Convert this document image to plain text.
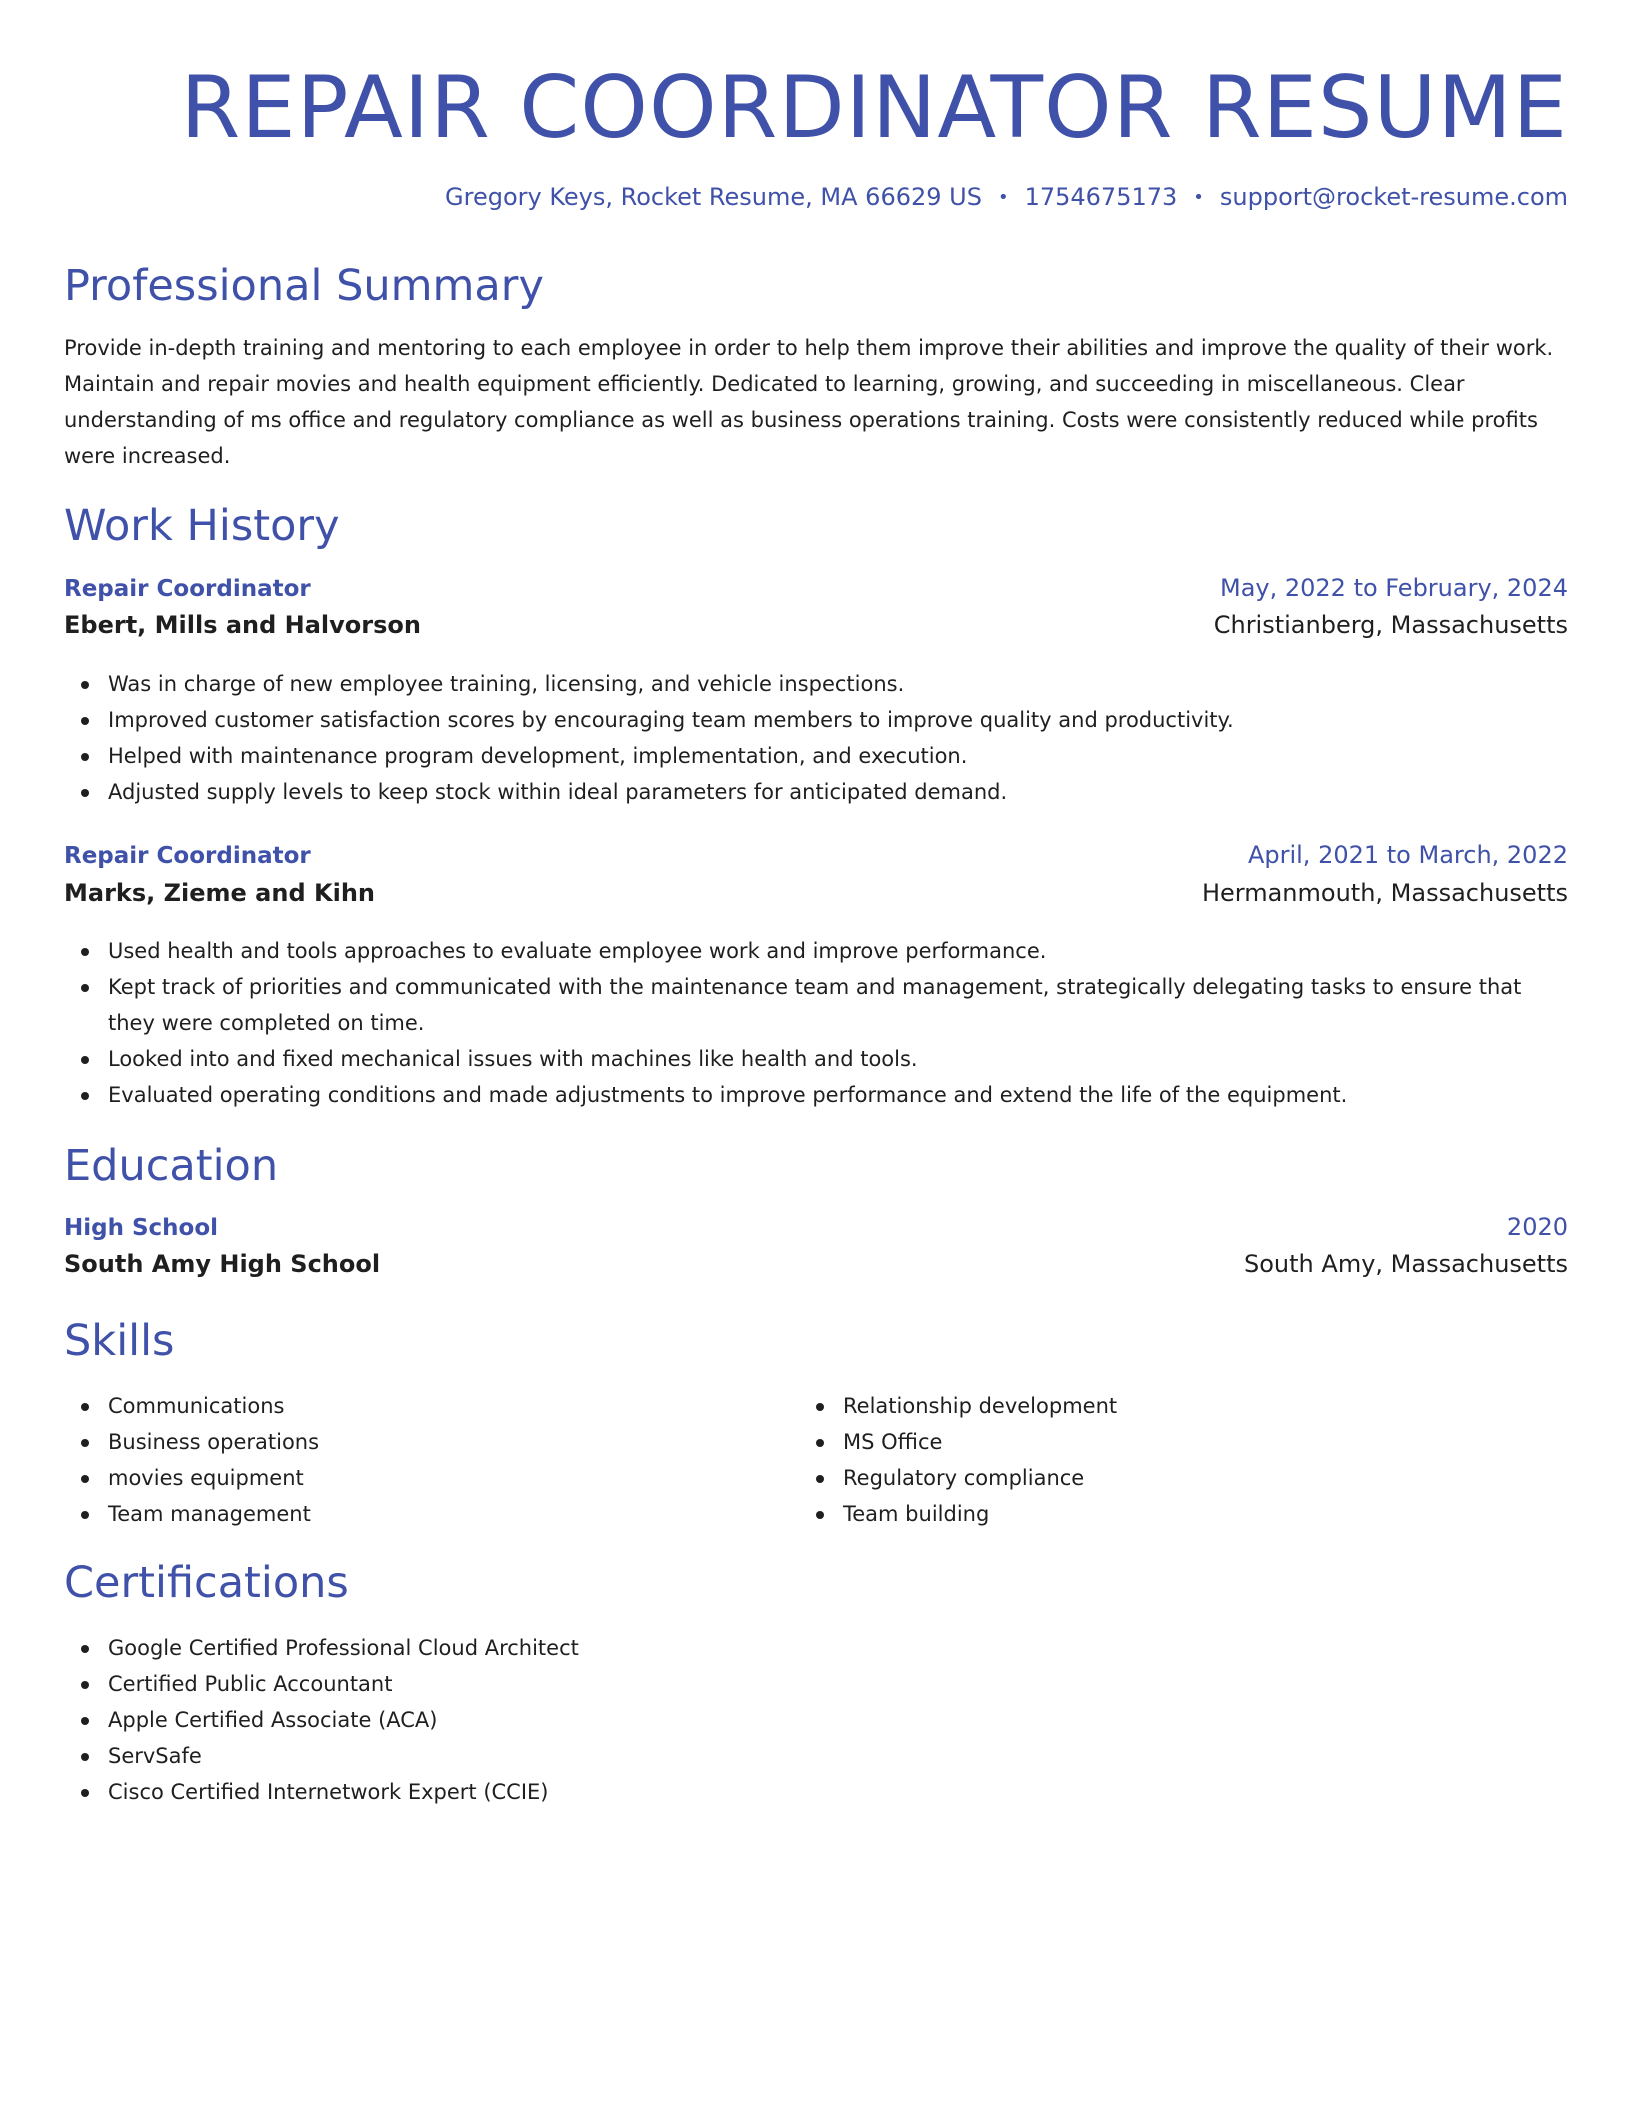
REPAIR COORDINATOR RESUME
Gregory Keys, Rocket Resume, MA 66629 US • 1754675173 • support@rocket-resume.com
Professional Summary

Provide in-depth training and mentoring to each employee in order to help them improve their abilities and improve the quality of their work. Maintain and repair movies and health equipment efficiently. Dedicated to learning, growing, and succeeding in miscellaneous. Clear understanding of ms office and regulatory compliance as well as business operations training. Costs were consistently reduced while profits were increased.

Work History
Repair Coordinator	May, 2022 to February, 2024
Ebert, Mills and Halvorson	Christianberg, Massachusetts
Was in charge of new employee training, licensing, and vehicle inspections.
Improved customer satisfaction scores by encouraging team members to improve quality and productivity.
Helped with maintenance program development, implementation, and execution.
Adjusted supply levels to keep stock within ideal parameters for anticipated demand.
Repair Coordinator	April, 2021 to March, 2022
Marks, Zieme and Kihn	Hermanmouth, Massachusetts
Used health and tools approaches to evaluate employee work and improve performance.
Kept track of priorities and communicated with the maintenance team and management, strategically delegating tasks to ensure that they were completed on time.
Looked into and fixed mechanical issues with machines like health and tools.
Evaluated operating conditions and made adjustments to improve performance and extend the life of the equipment.
Education
High School	2020
South Amy High School	South Amy, Massachusetts
Skills
Communications
Business operations
movies equipment
Team management
Relationship development
MS Office
Regulatory compliance
Team building
Certifications
Google Certified Professional Cloud Architect
Certified Public Accountant
Apple Certified Associate (ACA)
ServSafe
Cisco Certified Internetwork Expert (CCIE)
